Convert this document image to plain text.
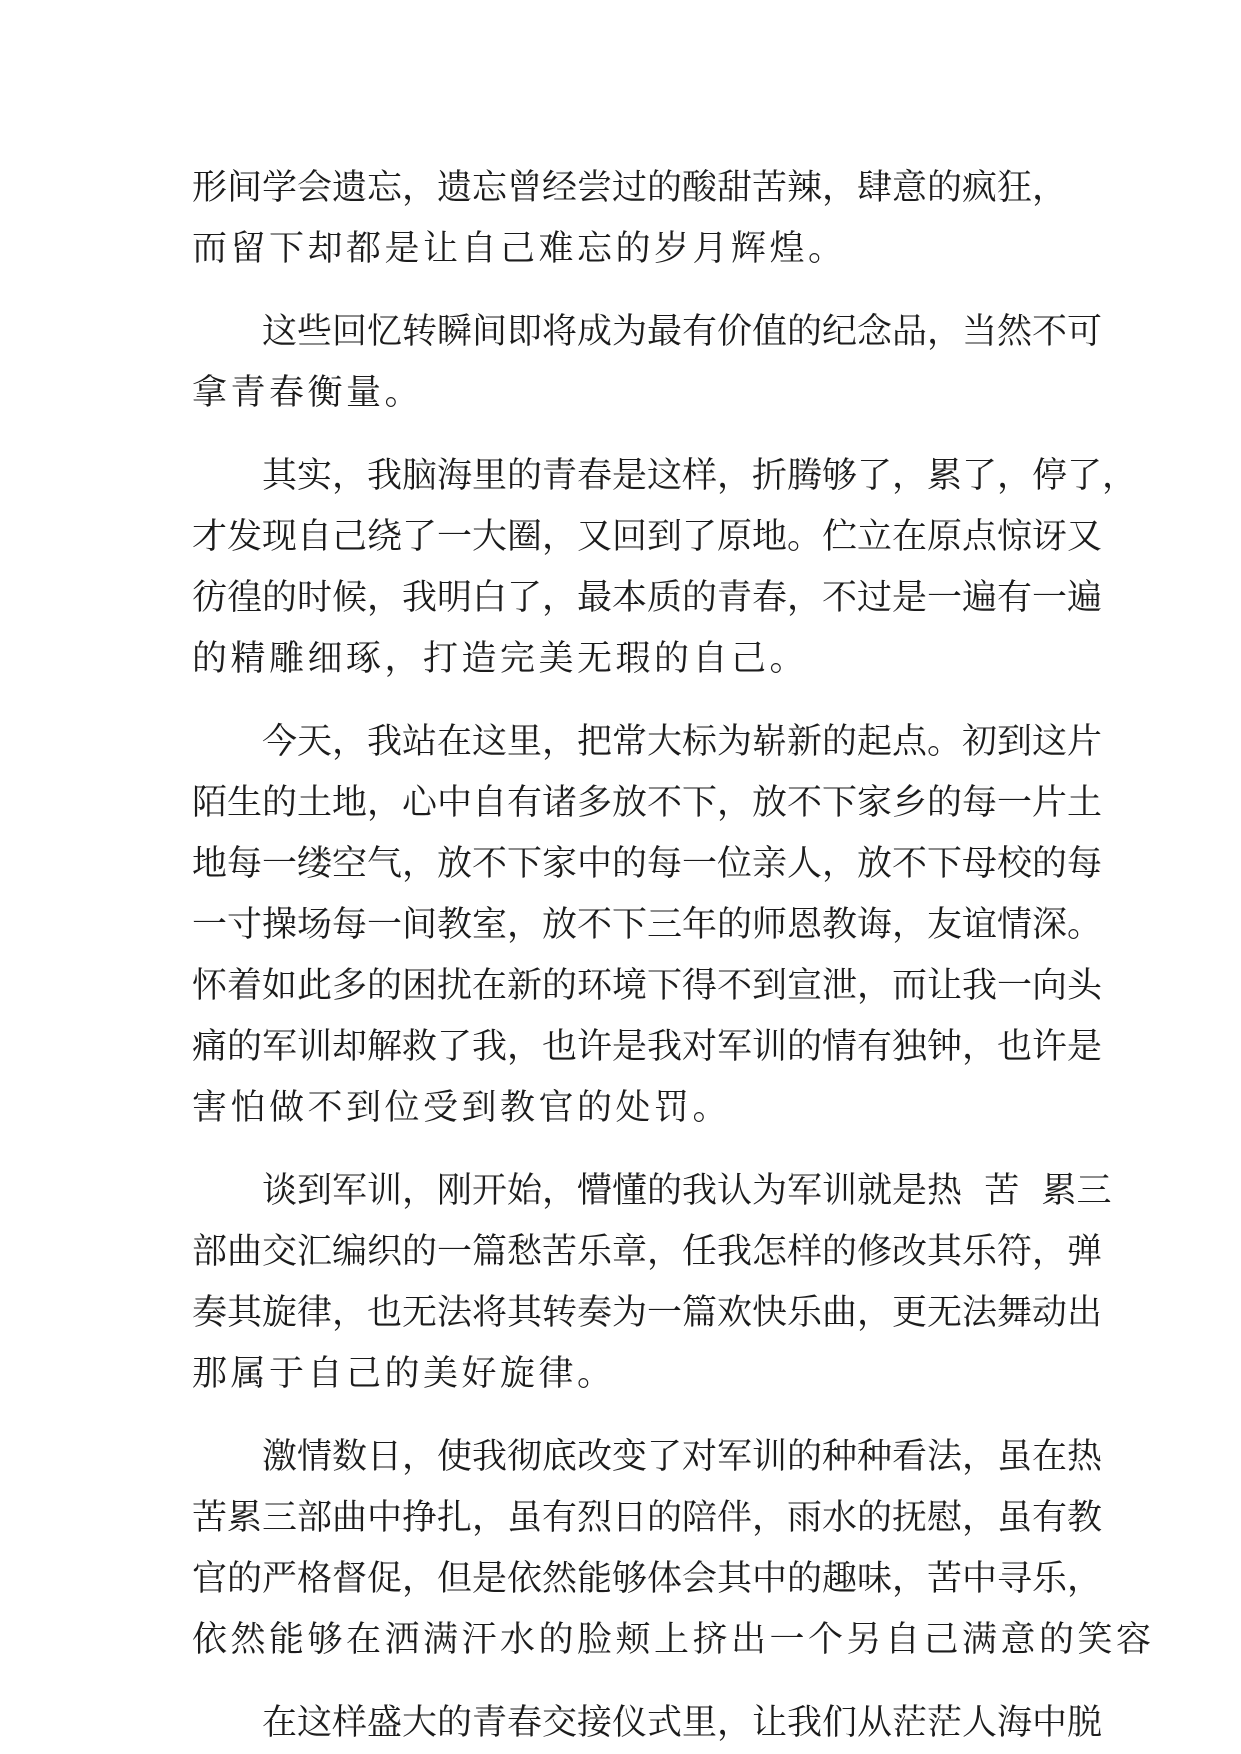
形间学会遗忘，遗忘曾经尝过的酸甜苦辣，肆意的疯狂，
而留下却都是让自己难忘的岁月辉煌。
这些回忆转瞬间即将成为最有价值的纪念品，当然不可
拿青春衡量。
其实，我脑海里的青春是这样，折腾够了，累了，停了，
才发现自己绕了一大圈，又回到了原地。伫立在原点惊讶又
彷徨的时候，我明白了，最本质的青春，不过是一遍有一遍
的精雕细琢，打造完美无瑕的自己。
今天，我站在这里，把常大标为崭新的起点。初到这片
陌生的土地，心中自有诸多放不下，放不下家乡的每一片土
地每一缕空气，放不下家中的每一位亲人，放不下母校的每
一寸操场每一间教室，放不下三年的师恩教诲，友谊情深。
怀着如此多的困扰在新的环境下得不到宣泄，而让我一向头
痛的军训却解救了我，也许是我对军训的情有独钟，也许是
害怕做不到位受到教官的处罚。
谈到军训，刚开始，懵懂的我认为军训就是热  苦  累三
部曲交汇编织的一篇愁苦乐章，任我怎样的修改其乐符，弹
奏其旋律，也无法将其转奏为一篇欢快乐曲，更无法舞动出
那属于自己的美好旋律。
激情数日，使我彻底改变了对军训的种种看法，虽在热
苦累三部曲中挣扎，虽有烈日的陪伴，雨水的抚慰，虽有教
官的严格督促，但是依然能够体会其中的趣味，苦中寻乐，
依然能够在洒满汗水的脸颊上挤出一个另自己满意的笑容
在这样盛大的青春交接仪式里，让我们从茫茫人海中脱
